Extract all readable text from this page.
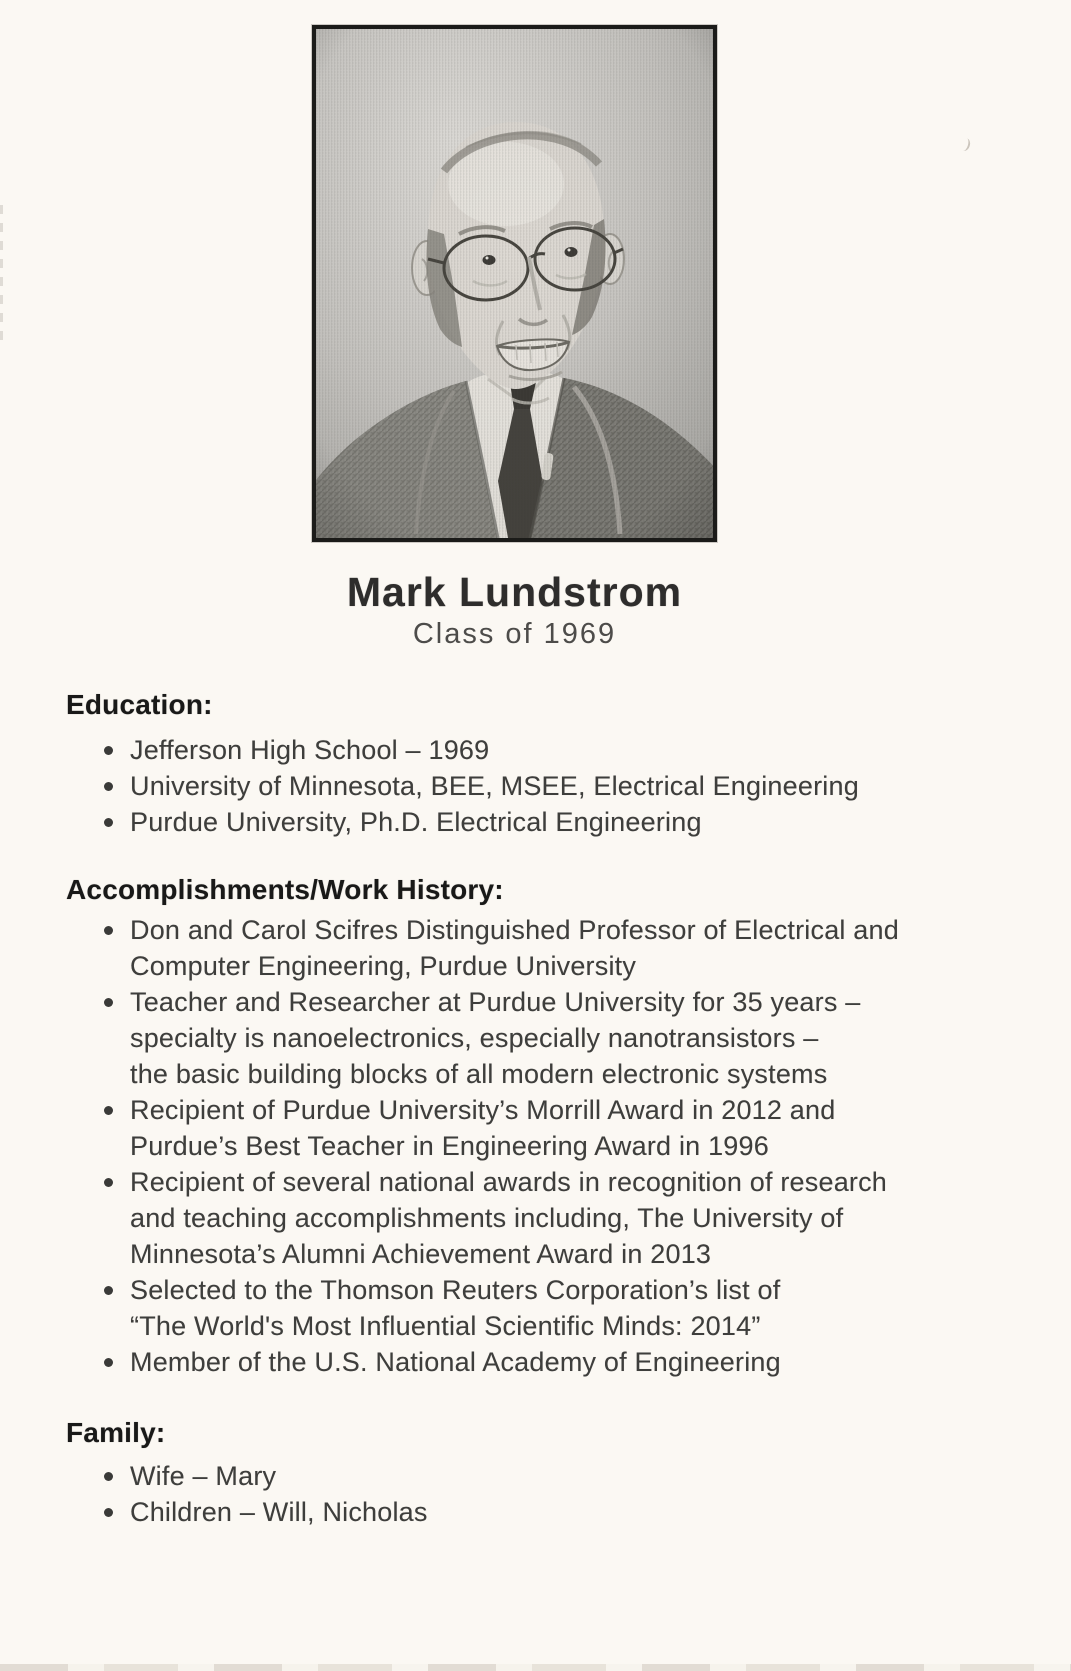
Mark Lundstrom
Class of 1969
Education:
Jefferson High School – 1969
University of Minnesota, BEE, MSEE, Electrical Engineering
Purdue University, Ph.D. Electrical Engineering
Accomplishments/Work History:
Don and Carol Scifres Distinguished Professor of Electrical and
Computer Engineering, Purdue University
Teacher and Researcher at Purdue University for 35 years –
specialty is nanoelectronics, especially nanotransistors –
the basic building blocks of all modern electronic systems
Recipient of Purdue University’s Morrill Award in 2012 and
Purdue’s Best Teacher in Engineering Award in 1996
Recipient of several national awards in recognition of research
and teaching accomplishments including, The University of
Minnesota’s Alumni Achievement Award in 2013
Selected to the Thomson Reuters Corporation’s list of
“The World's Most Influential Scientific Minds: 2014”
Member of the U.S. National Academy of Engineering
Family:
Wife – Mary
Children – Will, Nicholas
